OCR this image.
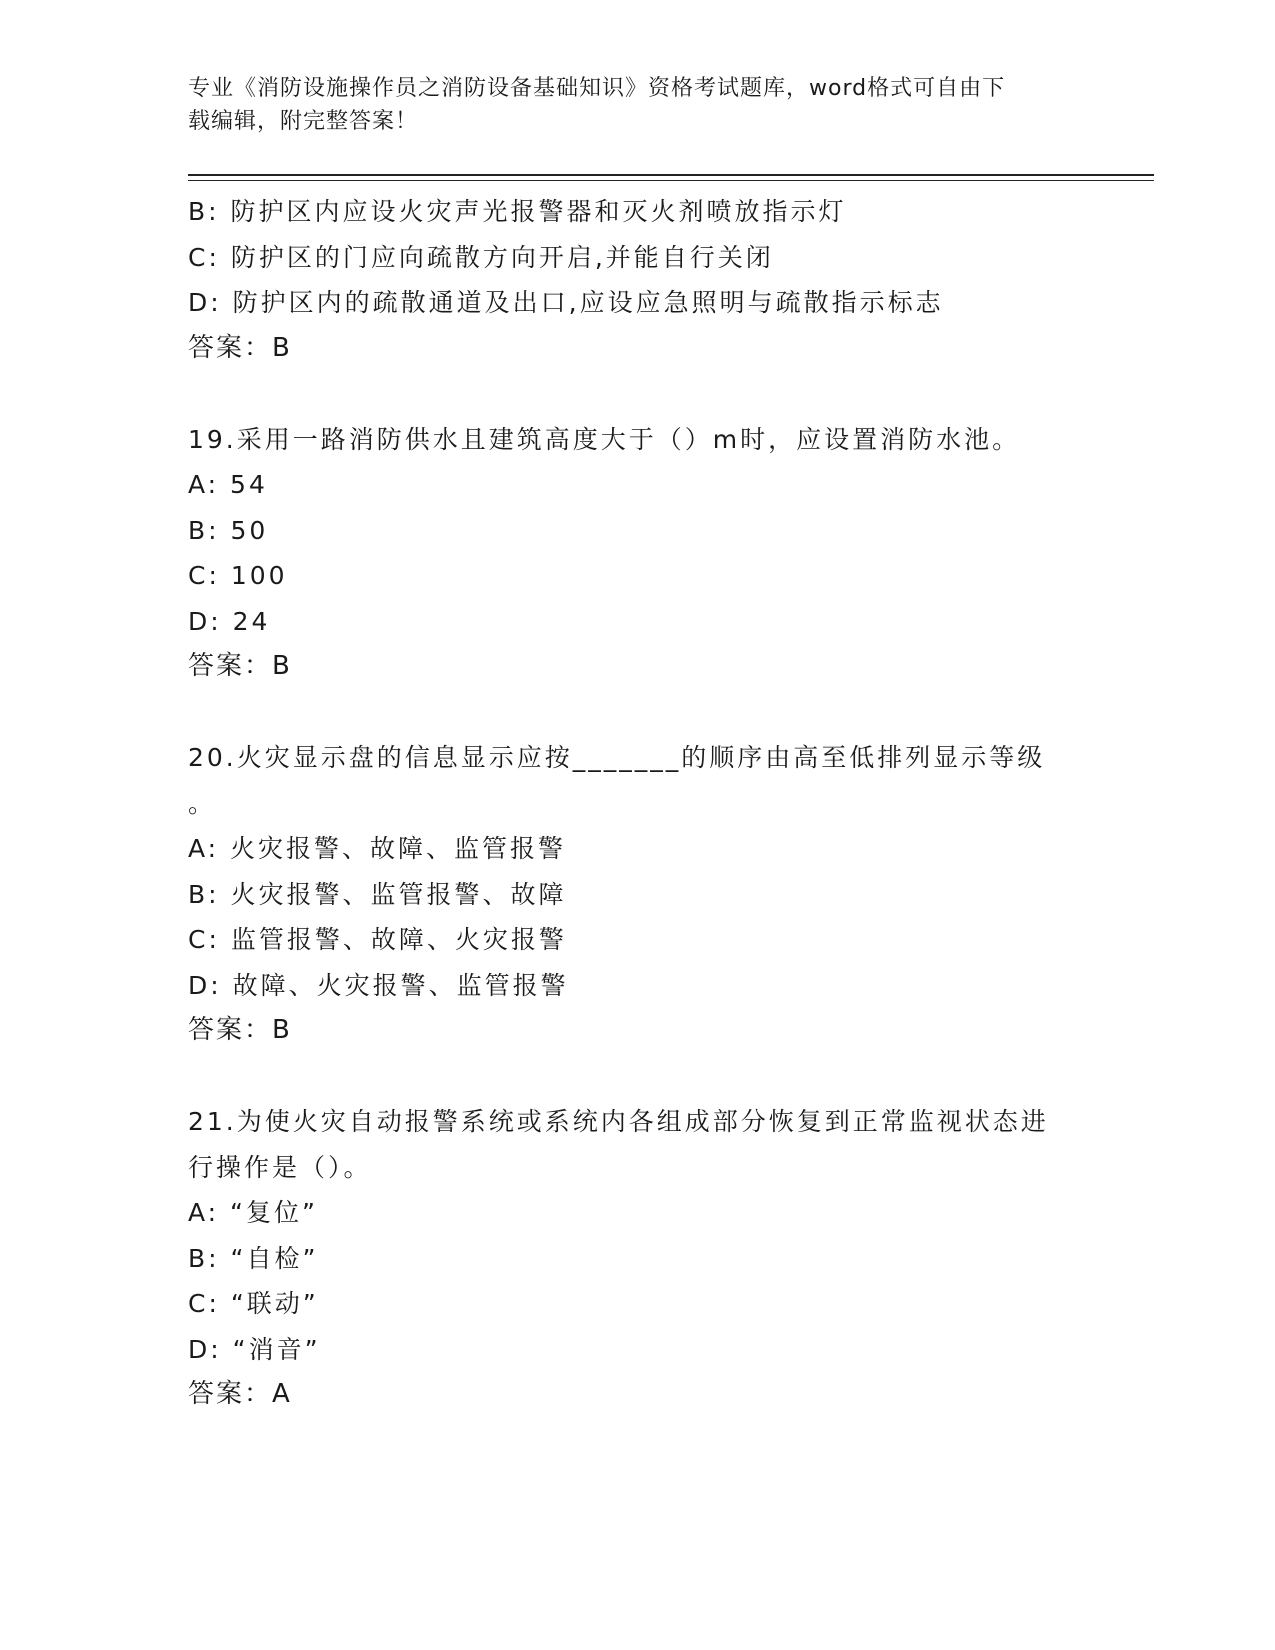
专业《消防设施操作员之消防设备基础知识》资格考试题库，word格式可自由下
载编辑，附完整答案！
B: 防护区内应设火灾声光报警器和灭火剂喷放指示灯
C: 防护区的门应向疏散方向开启,并能自行关闭
D: 防护区内的疏散通道及出口,应设应急照明与疏散指示标志
答案：B
19.采用一路消防供水且建筑高度大于（）m时，应设置消防水池。
A: 54
B: 50
C: 100
D: 24
答案：B
20.火灾显示盘的信息显示应按_______的顺序由高至低排列显示等级
。
A: 火灾报警、故障、监管报警
B: 火灾报警、监管报警、故障
C: 监管报警、故障、火灾报警
D: 故障、火灾报警、监管报警
答案：B
21.为使火灾自动报警系统或系统内各组成部分恢复到正常监视状态进
行操作是（）。
A: “复位”
B: “自检”
C: “联动”
D: “消音”
答案：A
